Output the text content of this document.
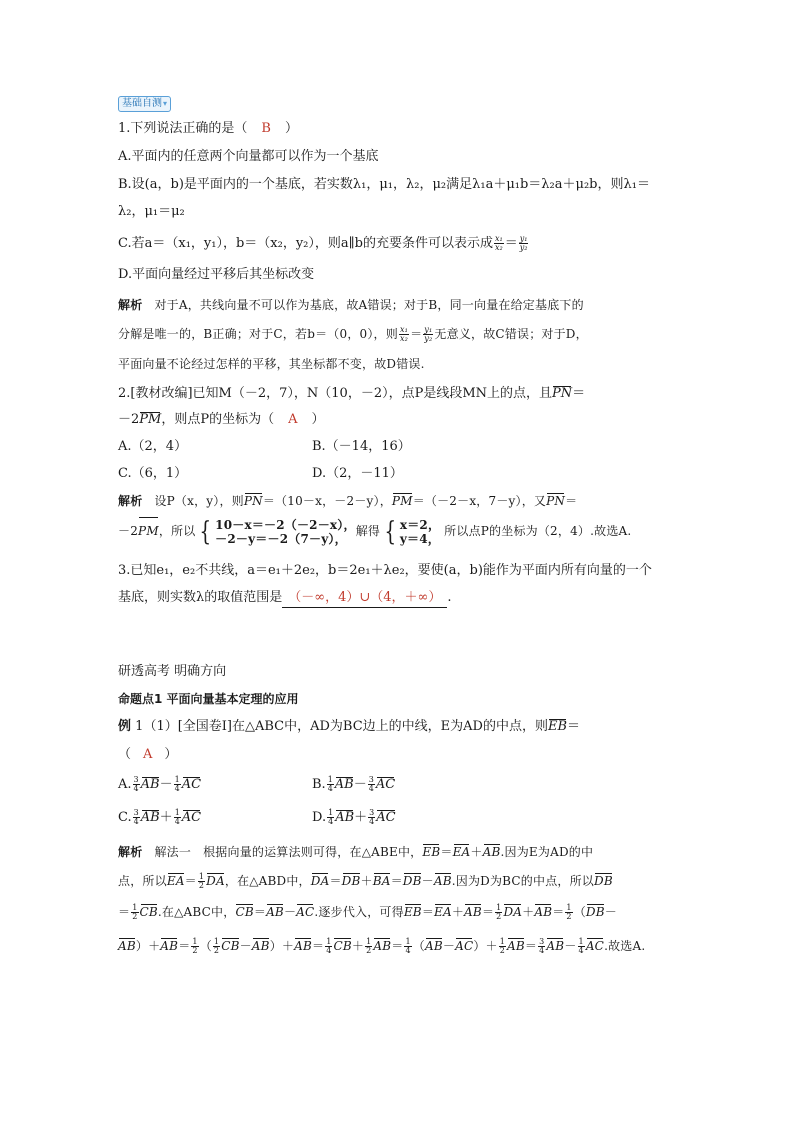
基础自测▾
1.下列说法正确的是（ B ）
A.平面内的任意两个向量都可以作为一个基底
B.设(a，b)是平面内的一个基底，若实数λ₁，μ₁，λ₂，μ₂满足λ₁a＋μ₁b＝λ₂a＋μ₂b，则λ₁＝
λ₂，μ₁＝μ₂
C.若a＝（x₁，y₁），b＝（x₂，y₂），则a∥b的充要条件可以表示成 $\frac{\text{x₁}}{\text{x₂}} = \frac{\text{y₁}}{\text{y₂}}$
D.平面向量经过平移后其坐标改变
解析 对于A，共线向量不可以作为基底，故A错误；对于B，同一向量在给定基底下的
分解是唯一的，B正确；对于C，若b＝（0，0），则 $\frac{\text{x₁}}{\text{x₂}} = \frac{\text{y₁}}{\text{y₂}}$ 无意义，故C错误；对于D，
平面向量不论经过怎样的平移，其坐标都不变，故D错误.
2.[教材改编]已知M（－2，7），N（10，－2），点P是线段MN上的点，且PN＝
－2PM，则点P的坐标为（ A ）
A.（2，4）	B.（－14，16）
C.（6，1）	D.（2，－11）
解析 设P（x，y），则PN＝（10－x，－2－y），PM＝（－2－x，7－y），又PN＝
－2PM，所以 { 10－x＝－2（－2－x），
－2－y＝－2（7－y），
解得 { x＝2，
y＝4，
所以点P的坐标为（2，4）.故选A.
3.已知e₁，e₂不共线，a＝e₁＋2e₂，b＝2e₁＋λe₂，要使(a，b)能作为平面内所有向量的一个
基底，则实数λ的取值范围是 （－∞，4）∪（4，＋∞） .
研透高考 明确方向
命题点1 平面向量基本定理的应用
例 1（1）[全国卷Ⅰ]在△ABC中，AD为BC边上的中线，E为AD的中点，则EB＝
（ A ）
A. $\frac{3}{4} AB- \frac{1}{4}$ AC	B. $\frac{1}{4} AB- \frac{3}{4}$ AC
C. $\frac{3}{4} AB+ \frac{1}{4}$ AC	D. $\frac{1}{4} AB+ \frac{3}{4}$ AC
解析 解法一 根据向量的运算法则可得，在△ABE中，EB＝EA＋AB.因为E为AD的中
点，所以$EA= \frac{1}{2}$ DA，在△ABD中，DA＝DB＋BA＝DB－AB.因为D为BC的中点，所以DB
＝ $\frac{1}{2}$ CB.在△ABC中，CB＝AB－AC.逐步代入，可得$EB=EA+AB= \frac{1}{2} DA+AB= \frac{1}{2} (DB-$
$AB)+AB= \frac{1}{2}$ （ $\frac{1}{2} CB-AB)+AB= \frac{1}{4} CB+ \frac{1}{2} AB= \frac{1}{4} (AB-AC)+ \frac{1}{2} AB= \frac{3}{4} AB- \frac{1}{4}$ AC.故选A.
